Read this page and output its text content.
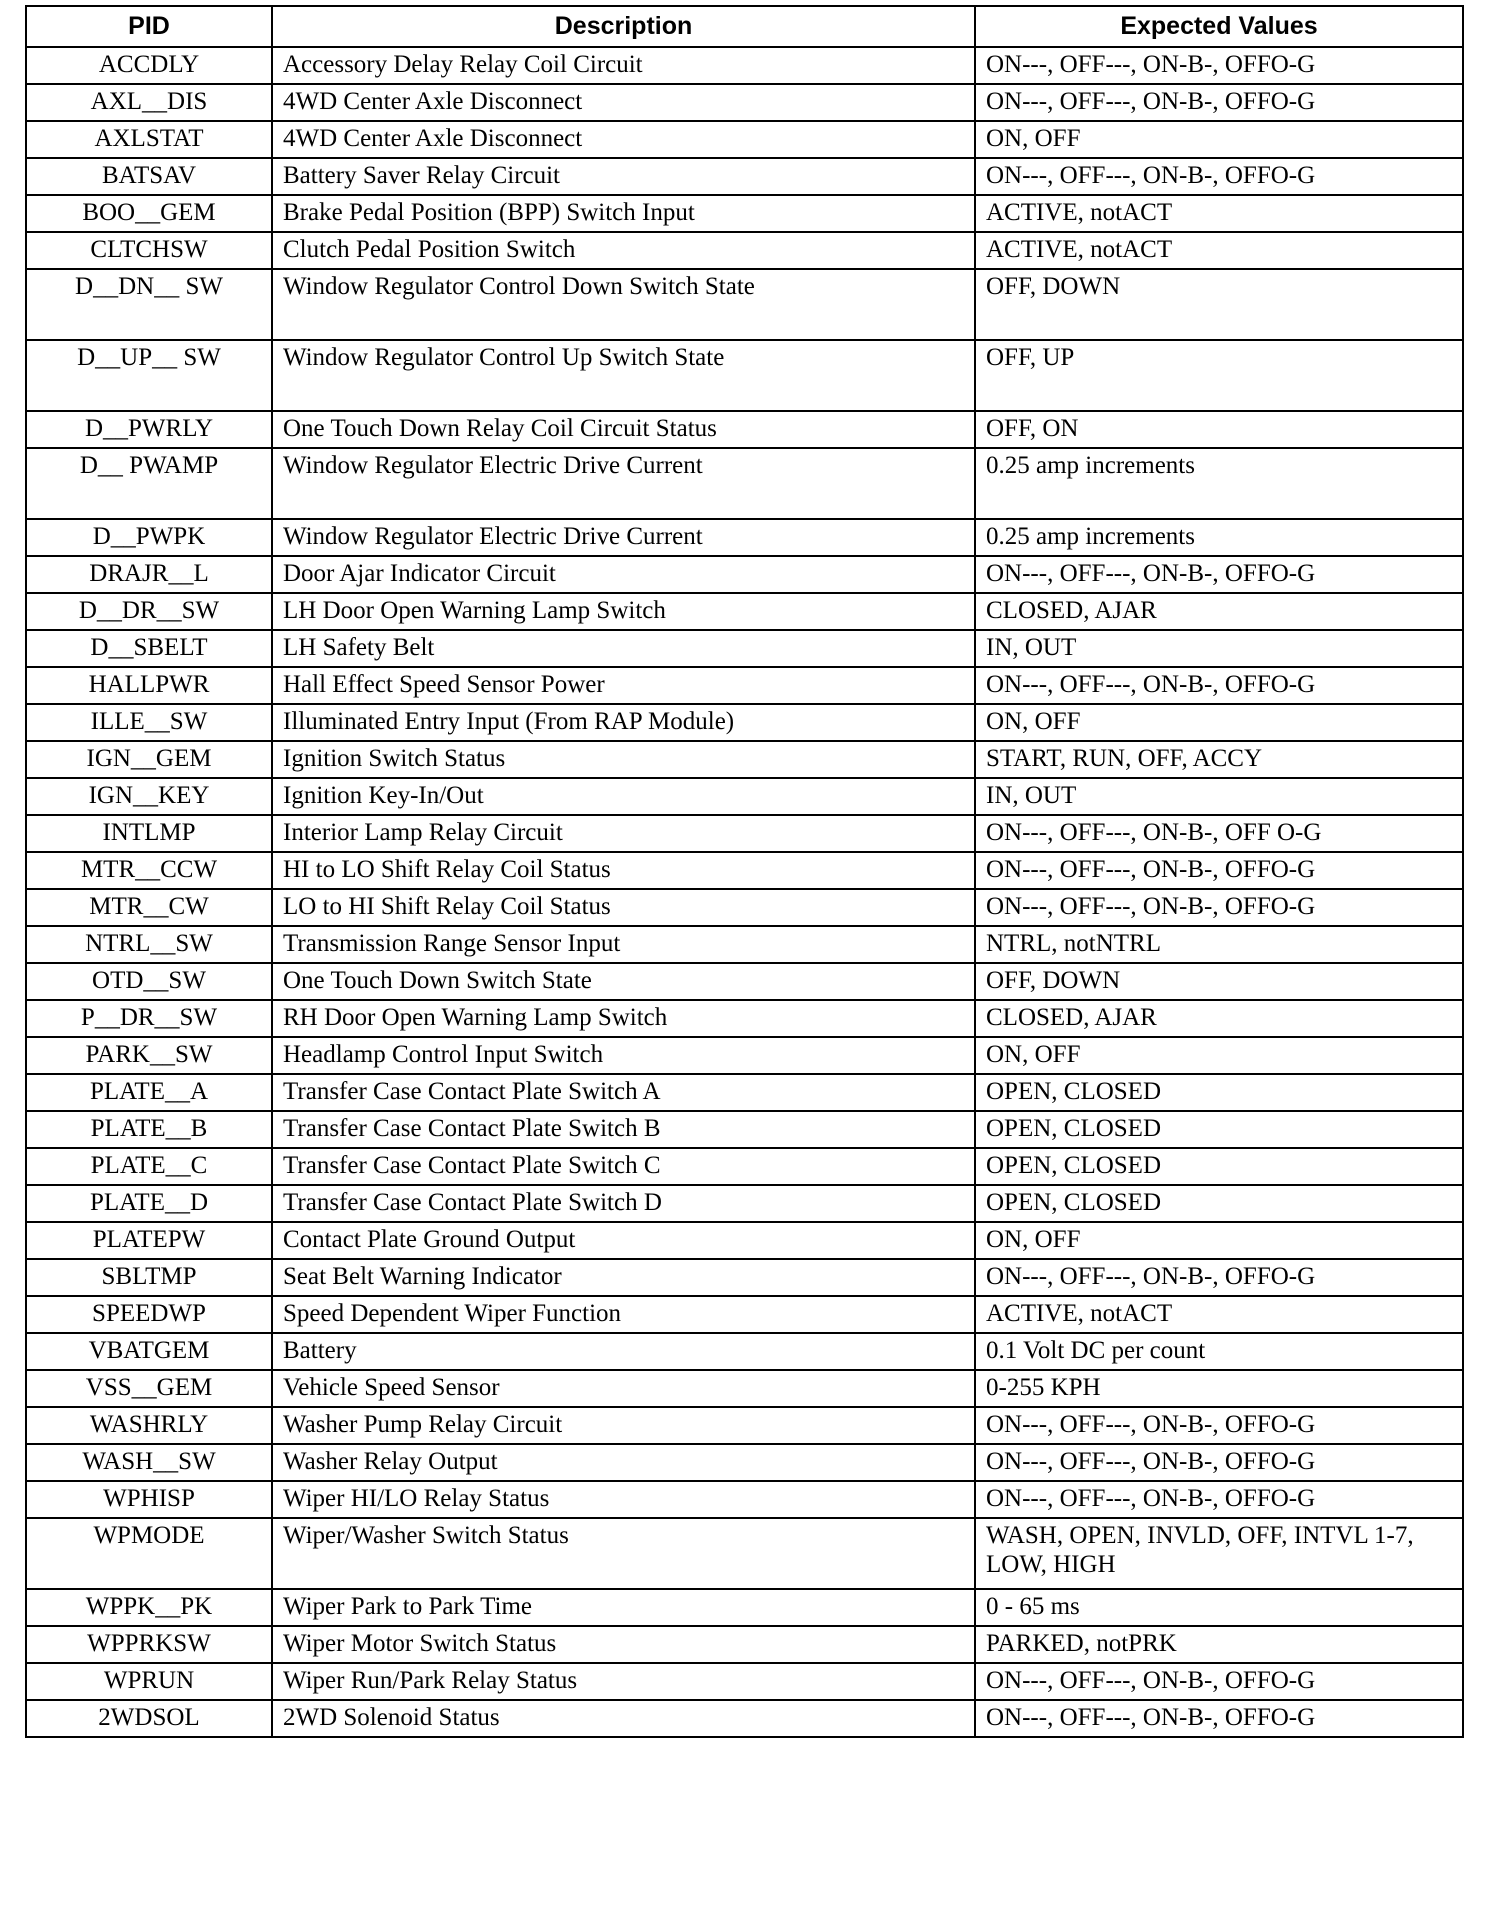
PID	Description	Expected Values
ACCDLY	Accessory Delay Relay Coil Circuit	ON---, OFF---, ON-B-, OFFO-G
AXL__DIS	4WD Center Axle Disconnect	ON---, OFF---, ON-B-, OFFO-G
AXLSTAT	4WD Center Axle Disconnect	ON, OFF
BATSAV	Battery Saver Relay Circuit	ON---, OFF---, ON-B-, OFFO-G
BOO__GEM	Brake Pedal Position (BPP) Switch Input	ACTIVE, notACT
CLTCHSW	Clutch Pedal Position Switch	ACTIVE, notACT
D__DN__ SW	Window Regulator Control Down Switch State	OFF, DOWN
D__UP__ SW	Window Regulator Control Up Switch State	OFF, UP
D__PWRLY	One Touch Down Relay Coil Circuit Status	OFF, ON
D__ PWAMP	Window Regulator Electric Drive Current	0.25 amp increments
D__PWPK	Window Regulator Electric Drive Current	0.25 amp increments
DRAJR__L	Door Ajar Indicator Circuit	ON---, OFF---, ON-B-, OFFO-G
D__DR__SW	LH Door Open Warning Lamp Switch	CLOSED, AJAR
D__SBELT	LH Safety Belt	IN, OUT
HALLPWR	Hall Effect Speed Sensor Power	ON---, OFF---, ON-B-, OFFO-G
ILLE__SW	Illuminated Entry Input (From RAP Module)	ON, OFF
IGN__GEM	Ignition Switch Status	START, RUN, OFF, ACCY
IGN__KEY	Ignition Key-In/Out	IN, OUT
INTLMP	Interior Lamp Relay Circuit	ON---, OFF---, ON-B-, OFF O-G
MTR__CCW	HI to LO Shift Relay Coil Status	ON---, OFF---, ON-B-, OFFO-G
MTR__CW	LO to HI Shift Relay Coil Status	ON---, OFF---, ON-B-, OFFO-G
NTRL__SW	Transmission Range Sensor Input	NTRL, notNTRL
OTD__SW	One Touch Down Switch State	OFF, DOWN
P__DR__SW	RH Door Open Warning Lamp Switch	CLOSED, AJAR
PARK__SW	Headlamp Control Input Switch	ON, OFF
PLATE__A	Transfer Case Contact Plate Switch A	OPEN, CLOSED
PLATE__B	Transfer Case Contact Plate Switch B	OPEN, CLOSED
PLATE__C	Transfer Case Contact Plate Switch C	OPEN, CLOSED
PLATE__D	Transfer Case Contact Plate Switch D	OPEN, CLOSED
PLATEPW	Contact Plate Ground Output	ON, OFF
SBLTMP	Seat Belt Warning Indicator	ON---, OFF---, ON-B-, OFFO-G
SPEEDWP	Speed Dependent Wiper Function	ACTIVE, notACT
VBATGEM	Battery	0.1 Volt DC per count
VSS__GEM	Vehicle Speed Sensor	0-255 KPH
WASHRLY	Washer Pump Relay Circuit	ON---, OFF---, ON-B-, OFFO-G
WASH__SW	Washer Relay Output	ON---, OFF---, ON-B-, OFFO-G
WPHISP	Wiper HI/LO Relay Status	ON---, OFF---, ON-B-, OFFO-G
WPMODE	Wiper/Washer Switch Status	WASH, OPEN, INVLD, OFF, INTVL 1-7, LOW, HIGH
WPPK__PK	Wiper Park to Park Time	0 - 65 ms
WPPRKSW	Wiper Motor Switch Status	PARKED, notPRK
WPRUN	Wiper Run/Park Relay Status	ON---, OFF---, ON-B-, OFFO-G
2WDSOL	2WD Solenoid Status	ON---, OFF---, ON-B-, OFFO-G
